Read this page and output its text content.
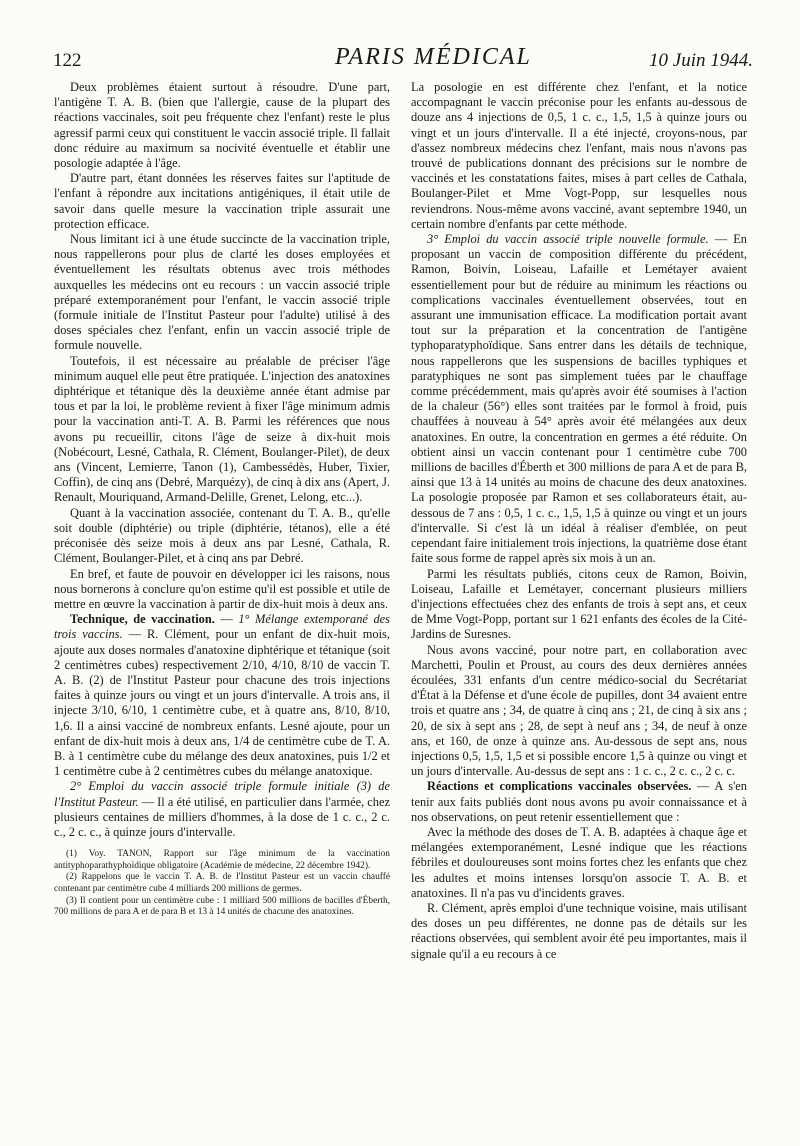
122	PARIS MÉDICAL	10 Juin 1944.

Deux problèmes étaient surtout à résoudre. D'une part, l'antigène T. A. B. (bien que l'allergie, cause de la plupart des réactions vaccinales, soit peu fréquente chez l'enfant) reste le plus agressif parmi ceux qui constituent le vaccin associé triple. Il fallait donc réduire au maximum sa nocivité éventuelle et établir une posologie adaptée à l'âge.

D'autre part, étant données les réserves faites sur l'aptitude de l'enfant à répondre aux incitations antigéniques, il était utile de savoir dans quelle mesure la vaccination triple assurait une protection efficace.

Nous limitant ici à une étude succincte de la vaccination triple, nous rappellerons pour plus de clarté les doses employées et éventuellement les résultats obtenus avec trois méthodes auxquelles les médecins ont eu recours : un vaccin associé triple préparé extemporanément pour l'enfant, le vaccin associé triple (formule initiale de l'Institut Pasteur pour l'adulte) utilisé à des doses spéciales chez l'enfant, enfin un vaccin associé triple de formule nouvelle.

Toutefois, il est nécessaire au préalable de préciser l'âge minimum auquel elle peut être pratiquée. L'injection des anatoxines diphtérique et tétanique dès la deuxième année étant admise par tous et par la loi, le problème revient à fixer l'âge minimum admis pour la vaccination anti-T. A. B. Parmi les références que nous avons pu recueillir, citons l'âge de seize à dix-huit mois (Nobécourt, Lesné, Cathala, R. Clément, Boulanger-Pilet), de deux ans (Vincent, Lemierre, Tanon (1), Cambessédès, Huber, Tixier, Coffin), de cinq ans (Debré, Marquézy), de cinq à dix ans (Apert, J. Renault, Mouriquand, Armand-Delille, Grenet, Lelong, etc...).

Quant à la vaccination associée, contenant du T. A. B., qu'elle soit double (diphtérie) ou triple (diphtérie, tétanos), elle a été préconisée dès seize mois à deux ans par Lesné, Cathala, R. Clément, Boulanger-Pilet, et à cinq ans par Debré.

En bref, et faute de pouvoir en développer ici les raisons, nous nous bornerons à conclure qu'on estime qu'il est possible et utile de mettre en œuvre la vaccination à partir de dix-huit mois à deux ans.

Technique, de vaccination. — 1° Mélange extemporané des trois vaccins. — R. Clément, pour un enfant de dix-huit mois, ajoute aux doses normales d'anatoxine diphtérique et tétanique (soit 2 centimètres cubes) respectivement 2/10, 4/10, 8/10 de vaccin T. A. B. (2) de l'Institut Pasteur pour chacune des trois injections faites à quinze jours ou vingt et un jours d'intervalle. A trois ans, il injecte 3/10, 6/10, 1 centimètre cube, et à quatre ans, 8/10, 8/10, 1,6. Il a ainsi vacciné de nombreux enfants. Lesné ajoute, pour un enfant de dix-huit mois à deux ans, 1/4 de centimètre cube de T. A. B. à 1 centimètre cube du mélange des deux anatoxines, puis 1/2 et 1 centimètre cube à 2 centimètres cubes du mélange anatoxique.

2° Emploi du vaccin associé triple formule initiale (3) de l'Institut Pasteur. — Il a été utilisé, en particulier dans l'armée, chez plusieurs centaines de milliers d'hommes, à la dose de 1 c. c., 2 c. c., 2 c. c., à quinze jours d'intervalle.

(1) Voy. TANON, Rapport sur l'âge minimum de la vaccination antityphoparathyphoïdique obligatoire (Académie de médecine, 22 décembre 1942).

(2) Rappelons que le vaccin T. A. B. de l'Institut Pasteur est un vaccin chauffé contenant par centimètre cube 4 milliards 200 millions de germes.

(3) Il contient pour un centimètre cube : 1 milliard 500 millions de bacilles d'Éberth, 700 millions de para A et de para B et 13 à 14 unités de chacune des anatoxines.

La posologie en est différente chez l'enfant, et la notice accompagnant le vaccin préconise pour les enfants au-dessous de douze ans 4 injections de 0,5, 1 c. c., 1,5, 1,5 à quinze jours ou vingt et un jours d'intervalle. Il a été injecté, croyons-nous, par d'assez nombreux médecins chez l'enfant, mais nous n'avons pas trouvé de publications donnant des précisions sur le nombre de vaccinés et les constatations faites, mises à part celles de Cathala, Boulanger-Pilet et Mme Vogt-Popp, sur lesquelles nous reviendrons. Nous-même avons vacciné, avant septembre 1940, un certain nombre d'enfants par cette méthode.

3° Emploi du vaccin associé triple nouvelle formule. — En proposant un vaccin de composition différente du précédent, Ramon, Boivin, Loiseau, Lafaille et Lemétayer avaient essentiellement pour but de réduire au minimum les réactions ou complications vaccinales éventuellement observées, tout en assurant une immunisation efficace. La modification portait avant tout sur la préparation et la concentration de l'antigène typhoparatyphoïdique. Sans entrer dans les détails de technique, nous rappellerons que les suspensions de bacilles typhiques et paratyphiques ne sont pas simplement tuées par le chauffage comme précédemment, mais qu'après avoir été soumises à l'action de la chaleur (56°) elles sont traitées par le formol à froid, puis chauffées à nouveau à 54° après avoir été mélangées aux deux anatoxines. En outre, la concentration en germes a été réduite. On obtient ainsi un vaccin contenant pour 1 centimètre cube 700 millions de bacilles d'Éberth et 300 millions de para A et de para B, ainsi que 13 à 14 unités au moins de chacune des deux anatoxines. La posologie proposée par Ramon et ses collaborateurs était, au-dessous de 7 ans : 0,5, 1 c. c., 1,5, 1,5 à quinze ou vingt et un jours d'intervalle. Si c'est là un idéal à réaliser d'emblée, on peut cependant faire initialement trois injections, la quatrième dose étant faite sous forme de rappel après six mois à un an.

Parmi les résultats publiés, citons ceux de Ramon, Boivin, Loiseau, Lafaille et Lemétayer, concernant plusieurs milliers d'injections effectuées chez des enfants de trois à sept ans, et ceux de Mme Vogt-Popp, portant sur 1 621 enfants des écoles de la Cité-Jardins de Suresnes.

Nous avons vacciné, pour notre part, en collaboration avec Marchetti, Poulin et Proust, au cours des deux dernières années écoulées, 331 enfants d'un centre médico-social du Secrétariat d'État à la Défense et d'une école de pupilles, dont 34 avaient entre trois et quatre ans ; 34, de quatre à cinq ans ; 21, de cinq à six ans ; 20, de six à sept ans ; 28, de sept à neuf ans ; 34, de neuf à onze ans, et 160, de onze à quinze ans. Au-dessous de sept ans, nous injections 0,5, 1,5, 1,5 et si possible encore 1,5 à quinze ou vingt et un jours d'intervalle. Au-dessus de sept ans : 1 c. c., 2 c. c., 2 c. c.

Réactions et complications vaccinales observées. — A s'en tenir aux faits publiés dont nous avons pu avoir connaissance et à nos observations, on peut retenir essentiellement que :

Avec la méthode des doses de T. A. B. adaptées à chaque âge et mélangées extemporanément, Lesné indique que les réactions fébriles et douloureuses sont moins fortes chez les enfants que chez les adultes et moins intenses lorsqu'on associe T. A. B. et anatoxines. Il n'a pas vu d'incidents graves.

R. Clément, après emploi d'une technique voisine, mais utilisant des doses un peu différentes, ne donne pas de détails sur les réactions observées, qui semblent avoir été peu importantes, mais il signale qu'il a eu recours à ce
